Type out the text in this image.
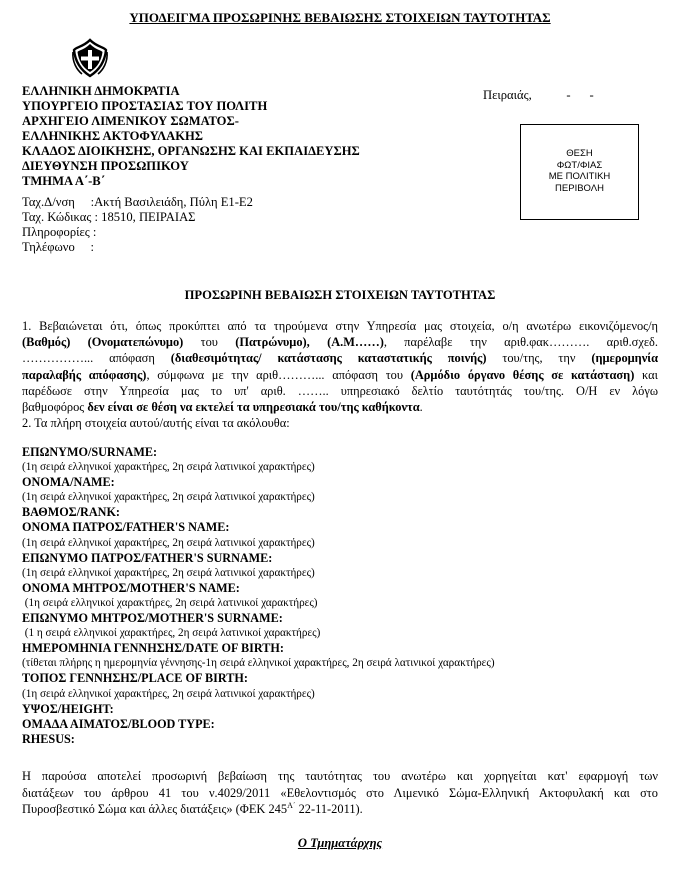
ΥΠΟΔΕΙΓΜΑ ΠΡΟΣΩΡΙΝΗΣ ΒΕΒΑΙΩΣΗΣ ΣΤΟΙΧΕΙΩΝ ΤΑΥΤΟΤΗΤΑΣ
ΕΛΛΗΝΙΚΗ ΔΗΜΟΚΡΑΤΙΑ
ΥΠΟΥΡΓΕΙΟ ΠΡΟΣΤΑΣΙΑΣ ΤΟΥ ΠΟΛΙΤΗ
ΑΡΧΗΓΕΙΟ ΛΙΜΕΝΙΚΟΥ ΣΩΜΑΤΟΣ-
ΕΛΛΗΝΙΚΗΣ ΑΚΤΟΦΥΛΑΚΗΣ
ΚΛΑΔΟΣ ΔΙΟΙΚΗΣΗΣ, ΟΡΓΑΝΩΣΗΣ ΚΑΙ ΕΚΠΑΙΔΕΥΣΗΣ
ΔΙΕΥΘΥΝΣΗ ΠΡΟΣΩΠΙΚΟΥ
ΤΜΗΜΑ Α΄-Β΄
Ταχ.Δ/νση     :Ακτή Βασιλειάδη, Πύλη Ε1-Ε2
Ταχ. Κώδικας : 18510, ΠΕΙΡΑΙΑΣ
Πληροφορίες :
Τηλέφωνο     :
Πειραιάς,           -      -
ΘΕΣΗ
ΦΩΤ/ΦΙΑΣ
ΜΕ ΠΟΛΙΤΙΚΗ
ΠΕΡΙΒΟΛΗ
ΠΡΟΣΩΡΙΝΗ ΒΕΒΑΙΩΣΗ ΣΤΟΙΧΕΙΩΝ ΤΑΥΤΟΤΗΤΑΣ
1. Βεβαιώνεται ότι, όπως προκύπτει από τα τηρούμενα στην Υπηρεσία μας στοιχεία, ο/η ανωτέρω εικονιζόμενος/η
(Βαθμός) (Ονοματεπώνυμο) του (Πατρώνυμο), (Α.Μ……), παρέλαβε την αριθ.φακ………. αριθ.σχεδ.
……………... απόφαση (διαθεσιμότητας/ κατάστασης καταστατικής ποινής) του/της, την (ημερομηνία
παραλαβής απόφασης), σύμφωνα με την αριθ………... απόφαση του (Αρμόδιο όργανο θέσης σε κατάσταση) και
παρέδωσε στην Υπηρεσία μας το υπ' αριθ. …….. υπηρεσιακό δελτίο ταυτότητάς του/της. Ο/Η εν λόγω
βαθμοφόρος δεν είναι σε θέση να εκτελεί τα υπηρεσιακά του/της καθήκοντα.
2. Τα πλήρη στοιχεία αυτού/αυτής είναι τα ακόλουθα:
ΕΠΩΝΥΜΟ/SURNAME:
(1η σειρά ελληνικοί χαρακτήρες, 2η σειρά λατινικοί χαρακτήρες)
ΟΝΟΜΑ/NAME:
(1η σειρά ελληνικοί χαρακτήρες, 2η σειρά λατινικοί χαρακτήρες)
ΒΑΘΜΟΣ/RANK:
ΟΝΟΜΑ ΠΑΤΡΟΣ/FATHER'S NAME:
(1η σειρά ελληνικοί χαρακτήρες, 2η σειρά λατινικοί χαρακτήρες)
ΕΠΩΝΥΜΟ ΠΑΤΡΟΣ/FATHER'S SURNAME:
(1η σειρά ελληνικοί χαρακτήρες, 2η σειρά λατινικοί χαρακτήρες)
ΟΝΟΜΑ ΜΗΤΡΟΣ/MOTHER'S NAME:
(1η σειρά ελληνικοί χαρακτήρες, 2η σειρά λατινικοί χαρακτήρες)
ΕΠΩΝΥΜΟ ΜΗΤΡΟΣ/MOTHER'S SURNAME:
(1 η σειρά ελληνικοί χαρακτήρες, 2η σειρά λατινικοί χαρακτήρες)
ΗΜΕΡΟΜΗΝΙΑ ΓΕΝΝΗΣΗΣ/DATE OF BIRTH:
(τίθεται πλήρης η ημερομηνία γέννησης-1η σειρά ελληνικοί χαρακτήρες, 2η σειρά λατινικοί χαρακτήρες)
ΤΟΠΟΣ ΓΕΝΝΗΣΗΣ/PLACE OF BIRTH:
(1η σειρά ελληνικοί χαρακτήρες, 2η σειρά λατινικοί χαρακτήρες)
ΥΨΟΣ/HEIGHT:
ΟΜΑΔΑ ΑΙΜΑΤΟΣ/BLOOD TYPE:
RHESUS:
Η παρούσα αποτελεί προσωρινή βεβαίωση της ταυτότητας του ανωτέρω και χορηγείται κατ' εφαρμογή των
διατάξεων του άρθρου 41 του ν.4029/2011 «Εθελοντισμός στο Λιμενικό Σώμα-Ελληνική Ακτοφυλακή και στο
Πυροσβεστικό Σώμα και άλλες διατάξεις» (ΦΕΚ $245^{A΄}$ 22-11-2011).
Ο Τμηματάρχης
